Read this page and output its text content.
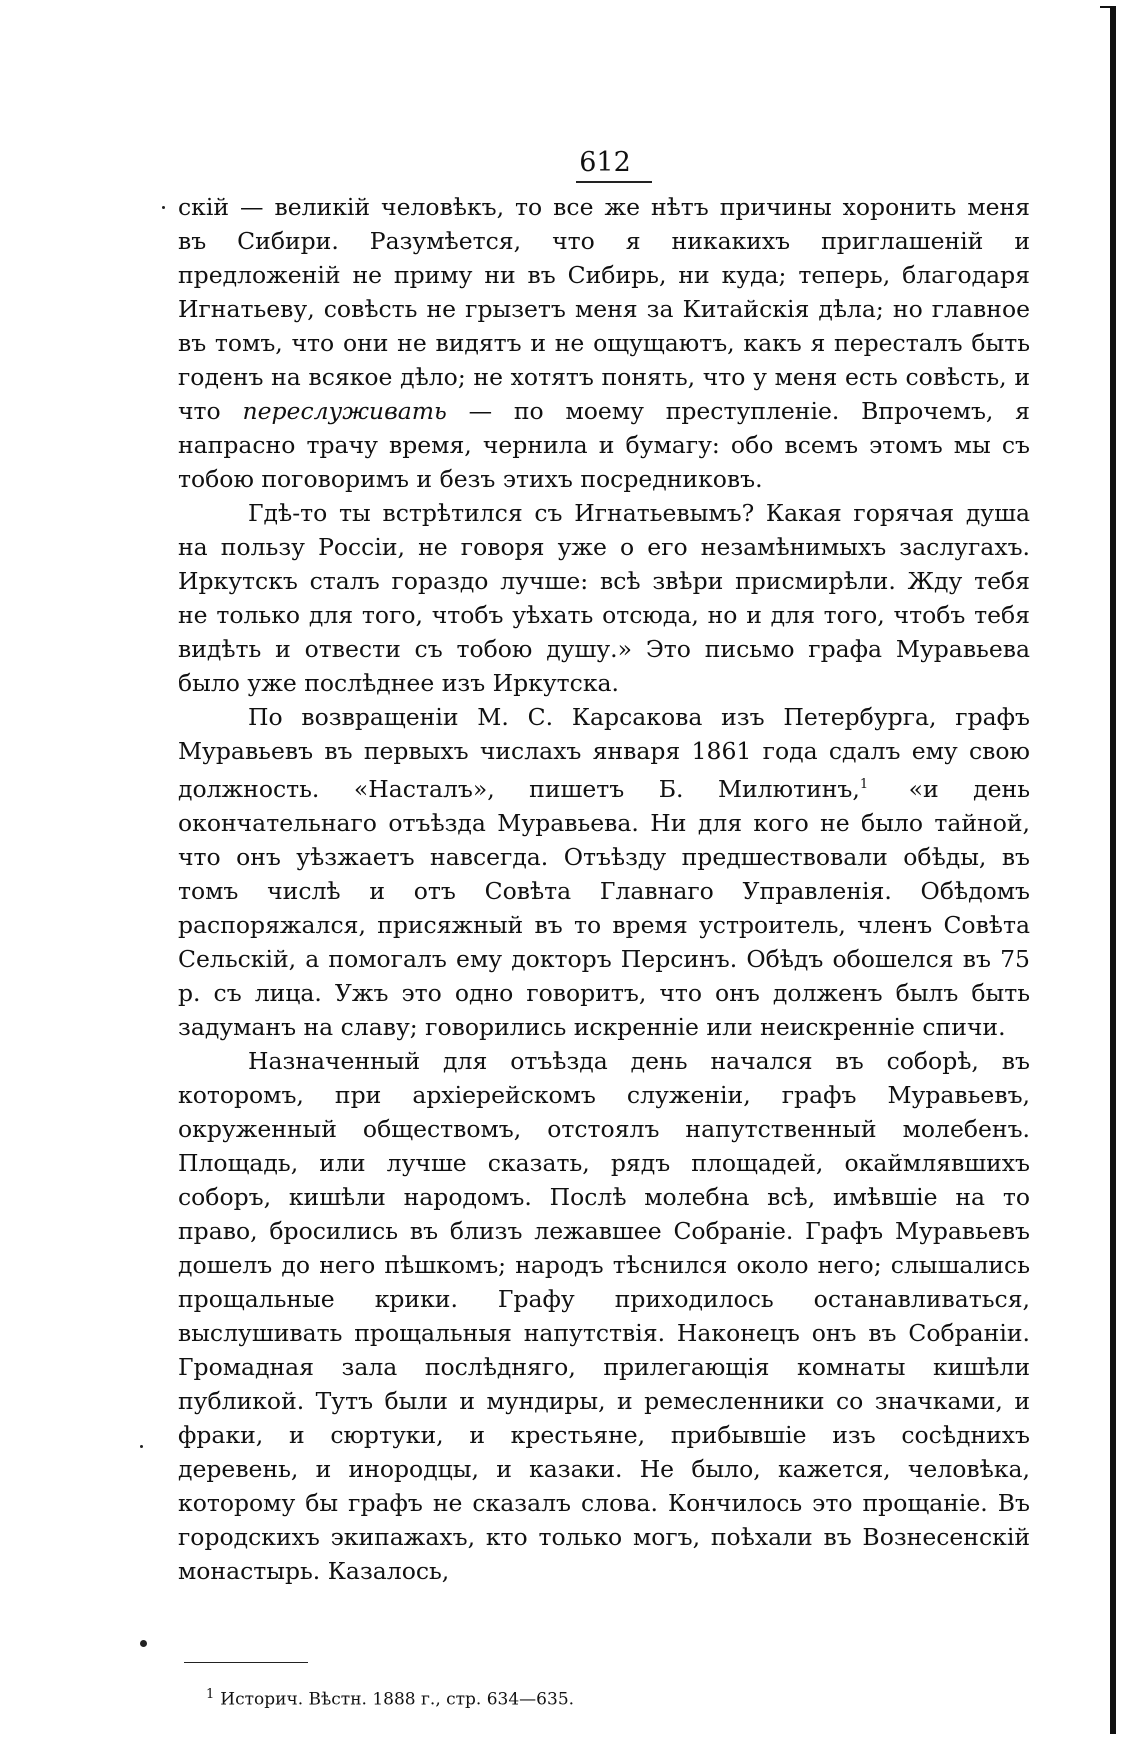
612

скій — великій человѣкъ, то все же нѣтъ причины хоронить меня въ Сибири. Разумѣется, что я никакихъ приглашеній и предложеній не приму ни въ Сибирь, ни куда; теперь, благодаря Игнатьеву, совѣсть не грызетъ меня за Китайскія дѣла; но главное въ томъ, что они не видятъ и не ощущаютъ, какъ я пересталъ быть годенъ на всякое дѣло; не хотятъ понять, что у меня есть совѣсть, и что переслуживать — по моему преступленіе. Впрочемъ, я напрасно трачу время, чернила и бумагу: обо всемъ этомъ мы съ тобою поговоримъ и безъ этихъ посредниковъ.

Гдѣ-то ты встрѣтился съ Игнатьевымъ? Какая горячая душа на пользу Россіи, не говоря уже о его незамѣнимыхъ заслугахъ. Иркутскъ сталъ гораздо лучше: всѣ звѣри присмирѣли. Жду тебя не только для того, чтобъ уѣхать отсюда, но и для того, чтобъ тебя видѣть и отвести съ тобою душу.» Это письмо графа Муравьева было уже послѣднее изъ Иркутска.

По возвращеніи М. С. Карсакова изъ Петербурга, графъ Муравьевъ въ первыхъ числахъ января 1861 года сдалъ ему свою должность. «Насталъ», пишетъ Б. Милютинъ,$^1$ «и день окончательнаго отъѣзда Муравьева. Ни для кого не было тайной, что онъ уѣзжаетъ навсегда. Отъѣзду предшествовали обѣды, въ томъ числѣ и отъ Совѣта Главнаго Управленія. Обѣдомъ распоряжался, присяжный въ то время устроитель, членъ Совѣта Сельскій, а помогалъ ему докторъ Персинъ. Обѣдъ обошелся въ 75 р. съ лица. Ужъ это одно говоритъ, что онъ долженъ былъ быть задуманъ на славу; говорились искренніе или неискренніе спичи.

Назначенный для отъѣзда день начался въ соборѣ, въ которомъ, при архіерейскомъ служеніи, графъ Муравьевъ, окруженный обществомъ, отстоялъ напутственный молебенъ. Площадь, или лучше сказать, рядъ площадей, окаймлявшихъ соборъ, кишѣли народомъ. Послѣ молебна всѣ, имѣвшіе на то право, бросились въ близъ лежавшее Собраніе. Графъ Муравьевъ дошелъ до него пѣшкомъ; народъ тѣснился около него; слышались прощальные крики. Графу приходилось останавливаться, выслушивать прощальныя напутствія. Наконецъ онъ въ Собраніи. Громадная зала послѣдняго, прилегающія комнаты кишѣли публикой. Тутъ были и мундиры, и ремесленники со значками, и фраки, и сюртуки, и крестьяне, прибывшіе изъ сосѣднихъ деревень, и инородцы, и казаки. Не было, кажется, человѣка, которому бы графъ не сказалъ слова. Кончилось это прощаніе. Въ городскихъ экипажахъ, кто только могъ, поѣхали въ Вознесенскій монастырь. Казалось,

$^1$ Историч. Вѣстн. 1888 г., стр. 634—635.
